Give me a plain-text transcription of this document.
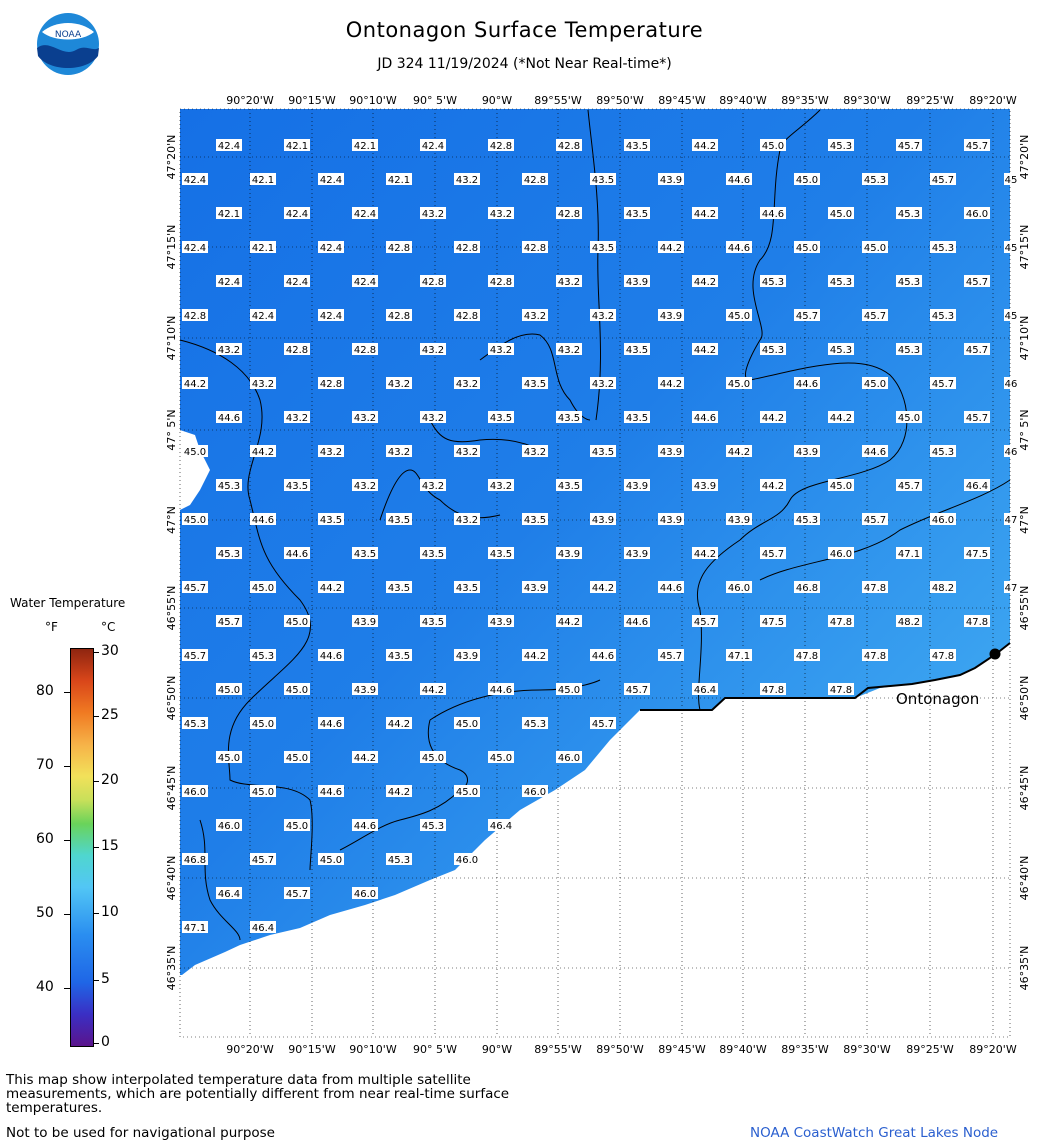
NOAA	Ontonagon Surface Temperature
JD 324 11/19/2024 (*Not Near Real-time*)
42.4	42.1	42.1	42.4	42.8	42.8	43.5	44.2	45.0	45.3	45.7	45.7
42.4	42.1	42.4	42.1	43.2	42.8	43.5	43.9	44.6	45.0	45.3	45.7	45
42.1	42.4	42.4	43.2	43.2	42.8	43.5	44.2	44.6	45.0	45.3	46.0
42.4	42.1	42.4	42.8	42.8	42.8	43.5	44.2	44.6	45.0	45.0	45.3	45
42.4	42.4	42.4	42.8	42.8	43.2	43.9	44.2	45.3	45.3	45.3	45.7
42.8	42.4	42.4	42.8	42.8	43.2	43.2	43.9	45.0	45.7	45.7	45.3	45
43.2	42.8	42.8	43.2	43.2	43.2	43.5	44.2	45.3	45.3	45.3	45.7
44.2	43.2	42.8	43.2	43.2	43.5	43.2	44.2	45.0	44.6	45.0	45.7	46
44.6	43.2	43.2	43.2	43.5	43.5	43.5	44.6	44.2	44.2	45.0	45.7
45.0	44.2	43.2	43.2	43.2	43.2	43.5	43.9	44.2	43.9	44.6	45.3	46
45.3	43.5	43.2	43.2	43.2	43.5	43.9	43.9	44.2	45.0	45.7	46.4
45.0	44.6	43.5	43.5	43.2	43.5	43.9	43.9	43.9	45.3	45.7	46.0	47
45.3	44.6	43.5	43.5	43.5	43.9	43.9	44.2	45.7	46.0	47.1	47.5
45.7	45.0	44.2	43.5	43.5	43.9	44.2	44.6	46.0	46.8	47.8	48.2	47
45.7	45.0	43.9	43.5	43.9	44.2	44.6	45.7	47.5	47.8	48.2	47.8
45.7	45.3	44.6	43.5	43.9	44.2	44.6	45.7	47.1	47.8	47.8	47.8
45.0	45.0	43.9	44.2	44.6	45.0	45.7	46.4	47.8	47.8
45.3	45.0	44.6	44.2	45.0	45.3	45.7
45.0	45.0	44.2	45.0	45.0	46.0
46.0	45.0	44.6	44.2	45.0	46.0
46.0	45.0	44.6	45.3	46.4
46.8	45.7	45.0	45.3	46.0
46.4	45.7	46.0
47.1	46.4
90°20'W
90°20'W
90°15'W
90°15'W
90°10'W
90°10'W
90° 5'W
90° 5'W
90°W
90°W
89°55'W
89°55'W
89°50'W
89°50'W
89°45'W
89°45'W
89°40'W
89°40'W
89°35'W
89°35'W
89°30'W
89°30'W
89°25'W
89°25'W
89°20'W
89°20'W
47°20'N	47°20'N
47°15'N	47°15'N
47°10'N	47°10'N
47° 5'N	47° 5'N
47°N	47°N
46°55'N	46°55'N
46°50'N	46°50'N
46°45'N	46°45'N
46°40'N	46°40'N
46°35'N	46°35'N
Ontonagon
Water Temperature
°F	°C
80
70
60
50
40
30
25
20
15
10
5
0
This map show interpolated temperature data from multiple satellite measurements, which are potentially different from near real-time surface temperatures.
Not to be used for navigational purpose	NOAA CoastWatch Great Lakes Node
